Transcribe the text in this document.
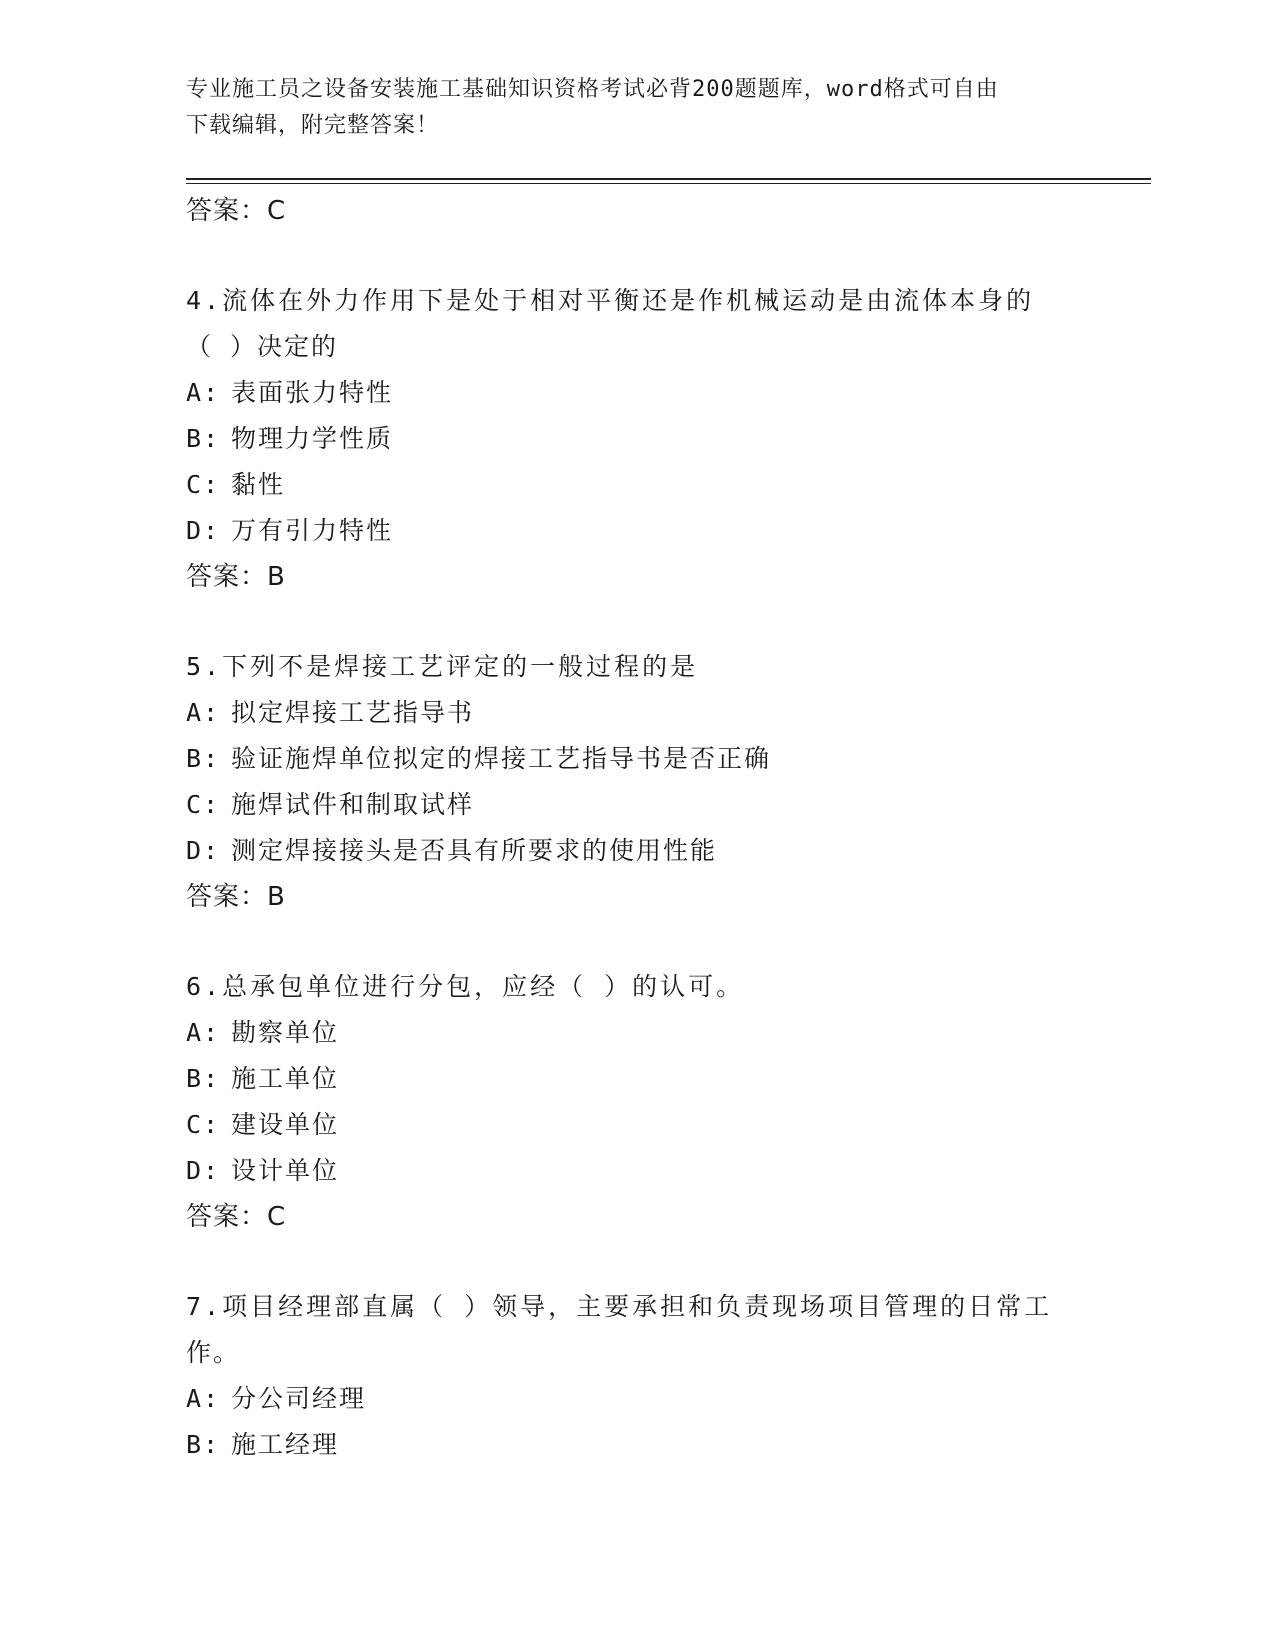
专业施工员之设备安装施工基础知识资格考试必背200题题库，word格式可自由
下载编辑，附完整答案！
答案：C
4.流体在外力作用下是处于相对平衡还是作机械运动是由流体本身的
（ ）决定的
A: 表面张力特性
B: 物理力学性质
C: 黏性
D: 万有引力特性
答案：B
5.下列不是焊接工艺评定的一般过程的是
A: 拟定焊接工艺指导书
B: 验证施焊单位拟定的焊接工艺指导书是否正确
C: 施焊试件和制取试样
D: 测定焊接接头是否具有所要求的使用性能
答案：B
6.总承包单位进行分包，应经（ ）的认可。
A: 勘察单位
B: 施工单位
C: 建设单位
D: 设计单位
答案：C
7.项目经理部直属（ ）领导，主要承担和负责现场项目管理的日常工
作。
A: 分公司经理
B: 施工经理
